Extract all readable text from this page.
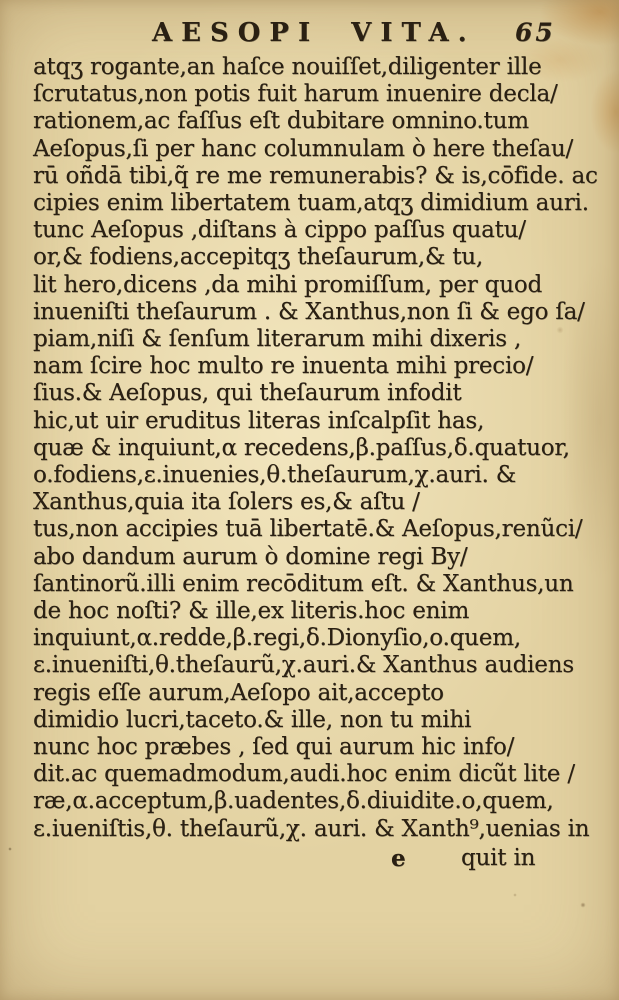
AESOPI VITA. 65
atqʒ rogante,an haſce nouiſſet,diligenter ille
ſcrutatus,non potis fuit harum inuenire decla/
rationem,ac faſſus eſt dubitare omnino.tum
Aeſopus,ſi per hanc columnulam ò here theſau/
rū oñdā tibi,q̃ re me remunerabis? & is,cōfide. ac
cipies enim libertatem tuam,atqʒ dimidium auri.
tunc Aeſopus ,diſtans à cippo paſſus quatu/
or,& fodiens,accepitqʒ theſaurum,& tu,
lit hero,dicens ,da mihi promiſſum, per quod
inueniſti theſaurum . & Xanthus,non ſi & ego ſa/
piam,niſi & ſenſum literarum mihi dixeris ,
nam ſcire hoc multo re inuenta mihi precio/
ſius.& Aeſopus, qui theſaurum infodit
hic,ut uir eruditus literas inſcalpſit has,
quæ & inquiunt,α recedens,β.paſſus,δ.quatuor,
o.fodiens,ε.inuenies,θ.theſaurum,χ.auri. &
Xanthus,quia ita ſolers es,& aſtu /
tus,non accipies tuā libertatē.& Aeſopus,renũci/
abo dandum aurum ò domine regi By/
ſantinorũ.illi enim recōditum eſt. & Xanthus,un
de hoc noſti? & ille,ex literis.hoc enim
inquiunt,α.redde,β.regi,δ.Dionyſio,o.quem,
ε.inueniſti,θ.theſaurũ,χ.auri.& Xanthus audiens
regis eſſe aurum,Aeſopo ait,accepto
dimidio lucri,taceto.& ille, non tu mihi
nunc hoc præbes , ſed qui aurum hic info/
dit.ac quemadmodum,audi.hoc enim dicũt lite /
ræ,α.acceptum,β.uadentes,δ.diuidite.o,quem,
ε.iueniſtis,θ. theſaurũ,χ. auri. & Xanth⁹,uenias in
e quit in
